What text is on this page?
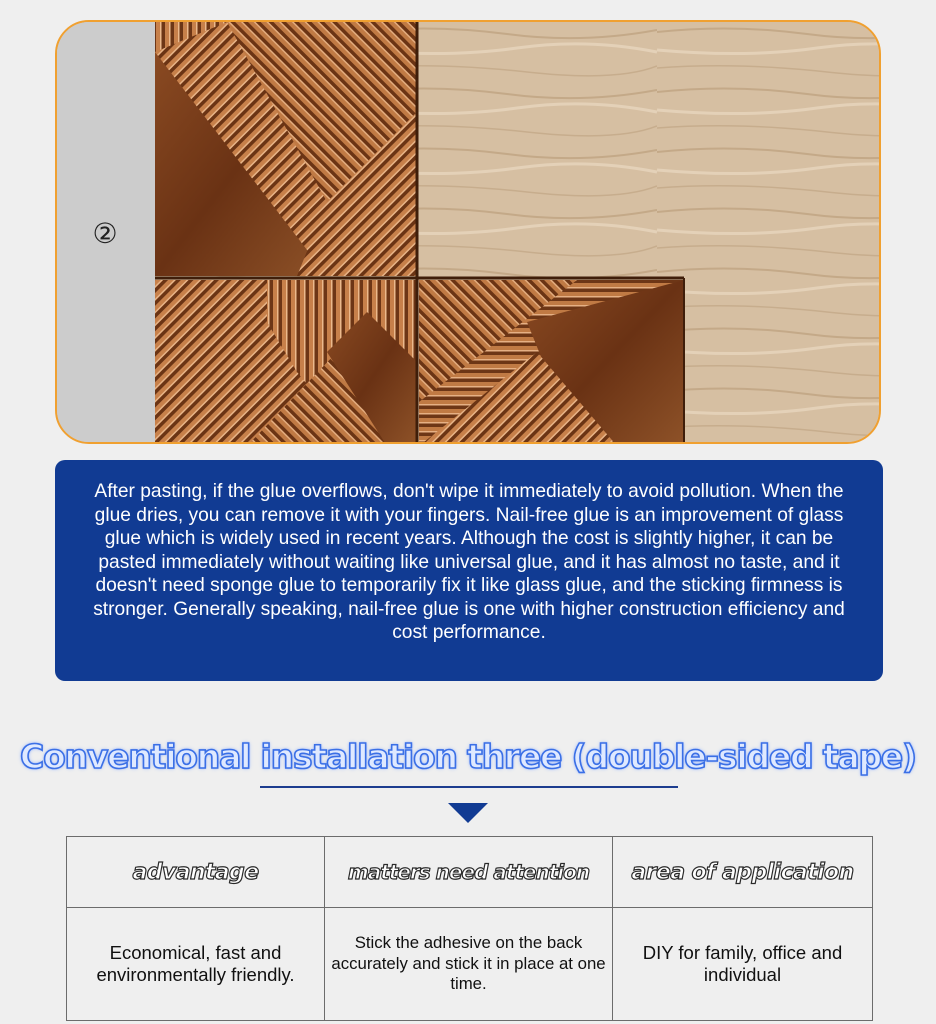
②

After pasting, if the glue overflows, don't wipe it immediately to avoid pollution. When the glue dries, you can remove it with your fingers. Nail-free glue is an improvement of glass glue which is widely used in recent years. Although the cost is slightly higher, it can be pasted immediately without waiting like universal glue, and it has almost no taste, and it doesn't need sponge glue to temporarily fix it like glass glue, and the sticking firmness is stronger. Generally speaking, nail-free glue is one with higher construction efficiency and cost performance.

Conventional installation three (double-sided tape)
advantage	matters need attention	area of application
Economical, fast and environmentally friendly.	Stick the adhesive on the back accurately and stick it in place at one time.	DIY for family, office and individual
